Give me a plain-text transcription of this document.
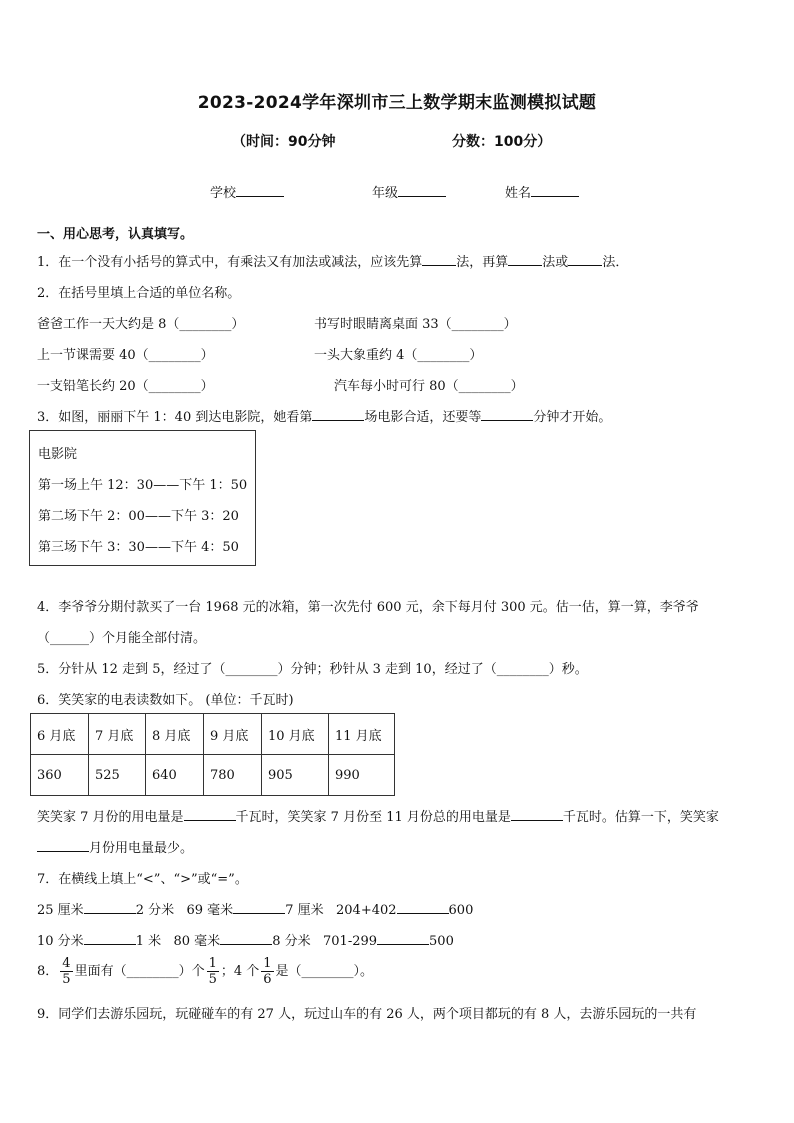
2023-2024学年深圳市三上数学期末监测模拟试题
（时间：90分钟	分数：100分）
学校	年级	姓名
一、用心思考，认真填写。
1．在一个没有小括号的算式中，有乘法又有加法或减法，应该先算	法，再算	法或	法．
2．在括号里填上合适的单位名称。
爸爸工作一天大约是 8（________）	书写时眼睛离桌面 33（________）
上一节课需要 40（________）	一头大象重约 4（________）
一支铅笔长约 20（________）	汽车每小时可行 80（________）
3．如图，丽丽下午 1：40 到达电影院，她看第	场电影合适，还要等	分钟才开始。
电影院
第一场上午 12：30——下午 1：50
第二场下午 2：00——下午 3：20
第三场下午 3：30——下午 4：50
4．李爷爷分期付款买了一台 1968 元的冰箱，第一次先付 600 元，余下每月付 300 元。估一估，算一算，李爷爷
（______）个月能全部付清。
5．分针从 12 走到 5，经过了（________）分钟；秒针从 3 走到 10，经过了（________）秒。
6．笑笑家的电表读数如下。 (单位：千瓦时)
6 月底	7 月底	8 月底	9 月底	10 月底	11 月底
360	525	640	780	905	990
笑笑家 7 月份的用电量是	千瓦时，笑笑家 7 月份至 11 月份总的用电量是	千瓦时。估算一下，笑笑家
月份用电量最少。
7．在横线上填上“<”、“>”或“=”。
25 厘米	2 分米 69 毫米	7 厘米 204+402	600
10 分米	1 米 80 毫米	8 分米 701-299	500
8． $\frac{4}{5}$ 里面有（________）个 $\frac{1}{5}$ ；4 个 $\frac{1}{6}$ 是（________）。
9．同学们去游乐园玩，玩碰碰车的有 27 人，玩过山车的有 26 人，两个项目都玩的有 8 人，去游乐园玩的一共有
